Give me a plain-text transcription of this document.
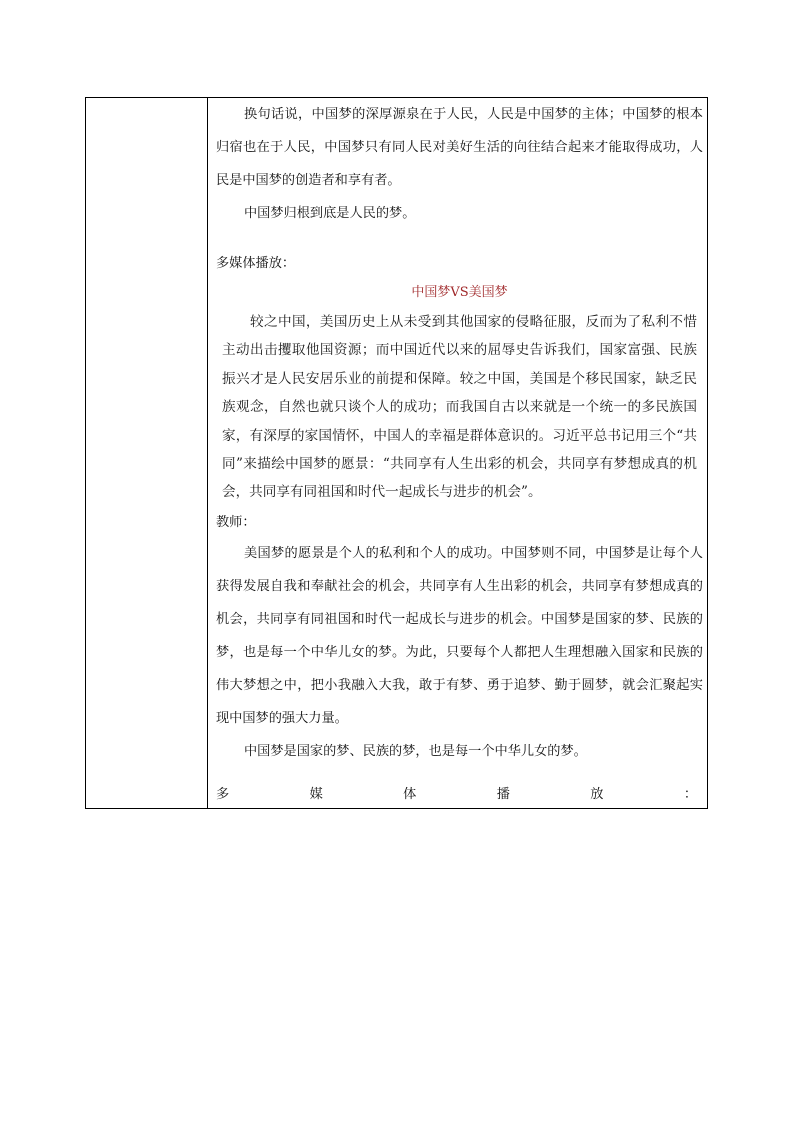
换句话说，中国梦的深厚源泉在于人民，人民是中国梦的主体；中国梦的根本归宿也在于人民，中国梦只有同人民对美好生活的向往结合起来才能取得成功，人民是中国梦的创造者和享有者。

中国梦归根到底是人民的梦。

多媒体播放：

中国梦VS美国梦

较之中国，美国历史上从未受到其他国家的侵略征服，反而为了私利不惜主动出击攫取他国资源；而中国近代以来的屈辱史告诉我们，国家富强、民族振兴才是人民安居乐业的前提和保障。较之中国，美国是个移民国家，缺乏民族观念，自然也就只谈个人的成功；而我国自古以来就是一个统一的多民族国家，有深厚的家国情怀，中国人的幸福是群体意识的。习近平总书记用三个“共同”来描绘中国梦的愿景：“共同享有人生出彩的机会，共同享有梦想成真的机会，共同享有同祖国和时代一起成长与进步的机会”。

教师：

美国梦的愿景是个人的私利和个人的成功。中国梦则不同，中国梦是让每个人获得发展自我和奉献社会的机会，共同享有人生出彩的机会，共同享有梦想成真的机会，共同享有同祖国和时代一起成长与进步的机会。中国梦是国家的梦、民族的梦，也是每一个中华儿女的梦。为此，只要每个人都把人生理想融入国家和民族的伟大梦想之中，把小我融入大我，敢于有梦、勇于追梦、勤于圆梦，就会汇聚起实现中国梦的强大力量。

中国梦是国家的梦、民族的梦，也是每一个中华儿女的梦。

多	媒	体	播	放	：
